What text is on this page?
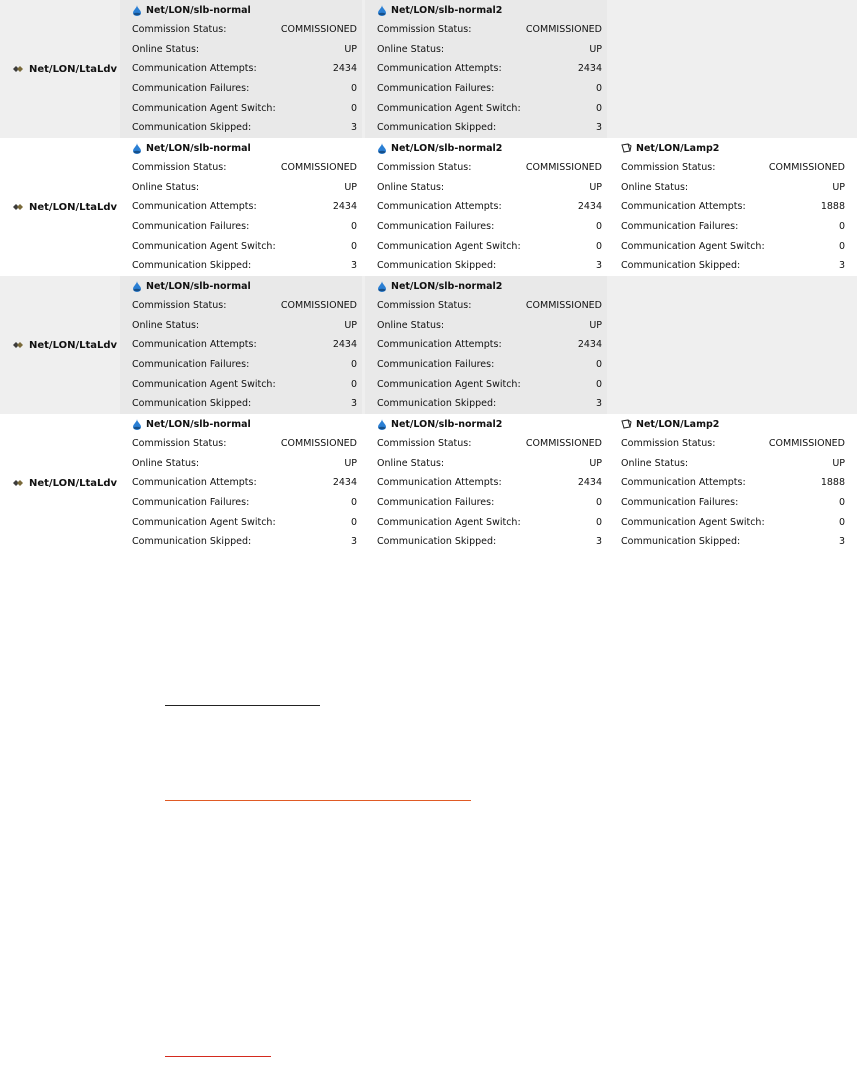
Net/LON/LtaLdv
Net/LON/slb-normal
Commission Status:	COMMISSIONED
Online Status:	UP
Communication Attempts:	2434
Communication Failures:	0
Communication Agent Switch:	0
Communication Skipped:	3
Net/LON/slb-normal2
Commission Status:	COMMISSIONED
Online Status:	UP
Communication Attempts:	2434
Communication Failures:	0
Communication Agent Switch:	0
Communication Skipped:	3
Net/LON/LtaLdv
Net/LON/slb-normal
Commission Status:	COMMISSIONED
Online Status:	UP
Communication Attempts:	2434
Communication Failures:	0
Communication Agent Switch:	0
Communication Skipped:	3
Net/LON/slb-normal2
Commission Status:	COMMISSIONED
Online Status:	UP
Communication Attempts:	2434
Communication Failures:	0
Communication Agent Switch:	0
Communication Skipped:	3
Net/LON/Lamp2
Commission Status:	COMMISSIONED
Online Status:	UP
Communication Attempts:	1888
Communication Failures:	0
Communication Agent Switch:	0
Communication Skipped:	3
Net/LON/LtaLdv
Net/LON/slb-normal
Commission Status:	COMMISSIONED
Online Status:	UP
Communication Attempts:	2434
Communication Failures:	0
Communication Agent Switch:	0
Communication Skipped:	3
Net/LON/slb-normal2
Commission Status:	COMMISSIONED
Online Status:	UP
Communication Attempts:	2434
Communication Failures:	0
Communication Agent Switch:	0
Communication Skipped:	3
Net/LON/LtaLdv
Net/LON/slb-normal
Commission Status:	COMMISSIONED
Online Status:	UP
Communication Attempts:	2434
Communication Failures:	0
Communication Agent Switch:	0
Communication Skipped:	3
Net/LON/slb-normal2
Commission Status:	COMMISSIONED
Online Status:	UP
Communication Attempts:	2434
Communication Failures:	0
Communication Agent Switch:	0
Communication Skipped:	3
Net/LON/Lamp2
Commission Status:	COMMISSIONED
Online Status:	UP
Communication Attempts:	1888
Communication Failures:	0
Communication Agent Switch:	0
Communication Skipped:	3
